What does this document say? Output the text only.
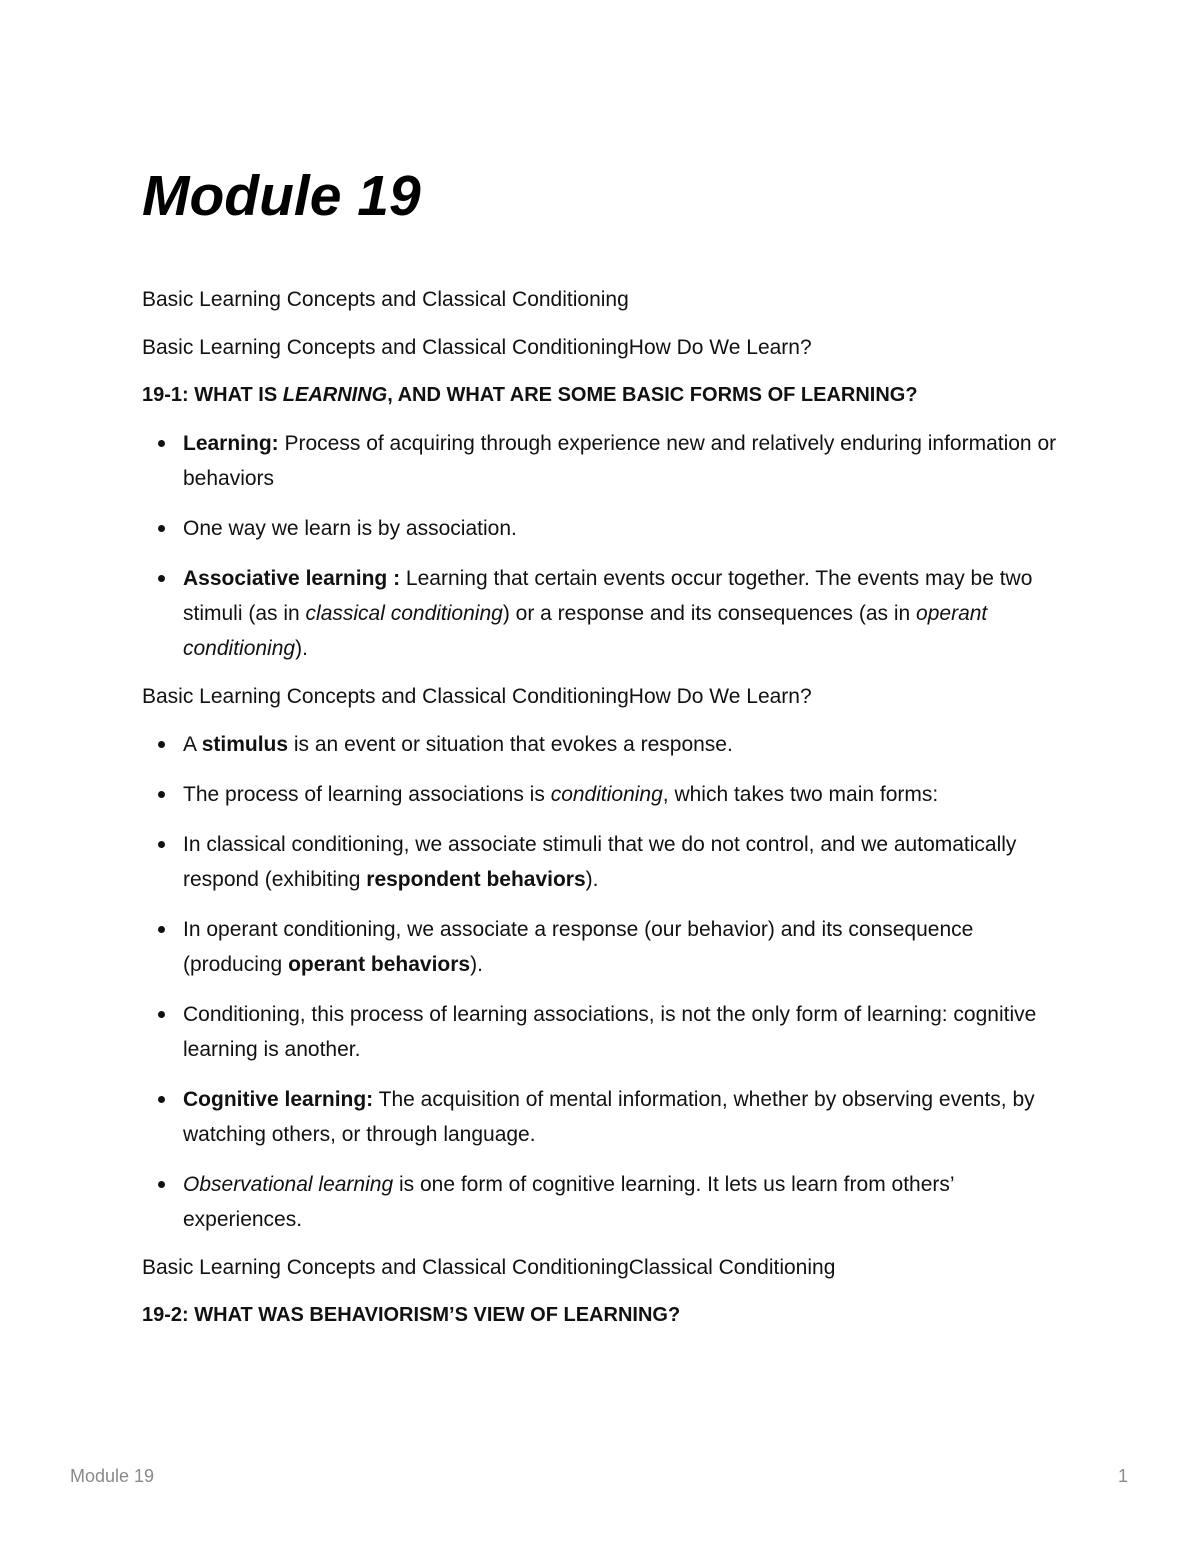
Module 19

Basic Learning Concepts and Classical Conditioning

Basic Learning Concepts and Classical ConditioningHow Do We Learn?

19-1: WHAT IS LEARNING, AND WHAT ARE SOME BASIC FORMS OF LEARNING?
Learning: Process of acquiring through experience new and relatively enduring information or behaviors
One way we learn is by association.
Associative learning : Learning that certain events occur together. The events may be two stimuli (as in classical conditioning) or a response and its consequences (as in operant conditioning).

Basic Learning Concepts and Classical ConditioningHow Do We Learn?

A stimulus is an event or situation that evokes a response.
The process of learning associations is conditioning, which takes two main forms:
In classical conditioning, we associate stimuli that we do not control, and we automatically respond (exhibiting respondent behaviors).
In operant conditioning, we associate a response (our behavior) and its consequence (producing operant behaviors).
Conditioning, this process of learning associations, is not the only form of learning: cognitive learning is another.
Cognitive learning: The acquisition of mental information, whether by observing events, by watching others, or through language.
Observational learning is one form of cognitive learning. It lets us learn from others’ experiences.

Basic Learning Concepts and Classical ConditioningClassical Conditioning

19-2: WHAT WAS BEHAVIORISM’S VIEW OF LEARNING?
Module 19	1
